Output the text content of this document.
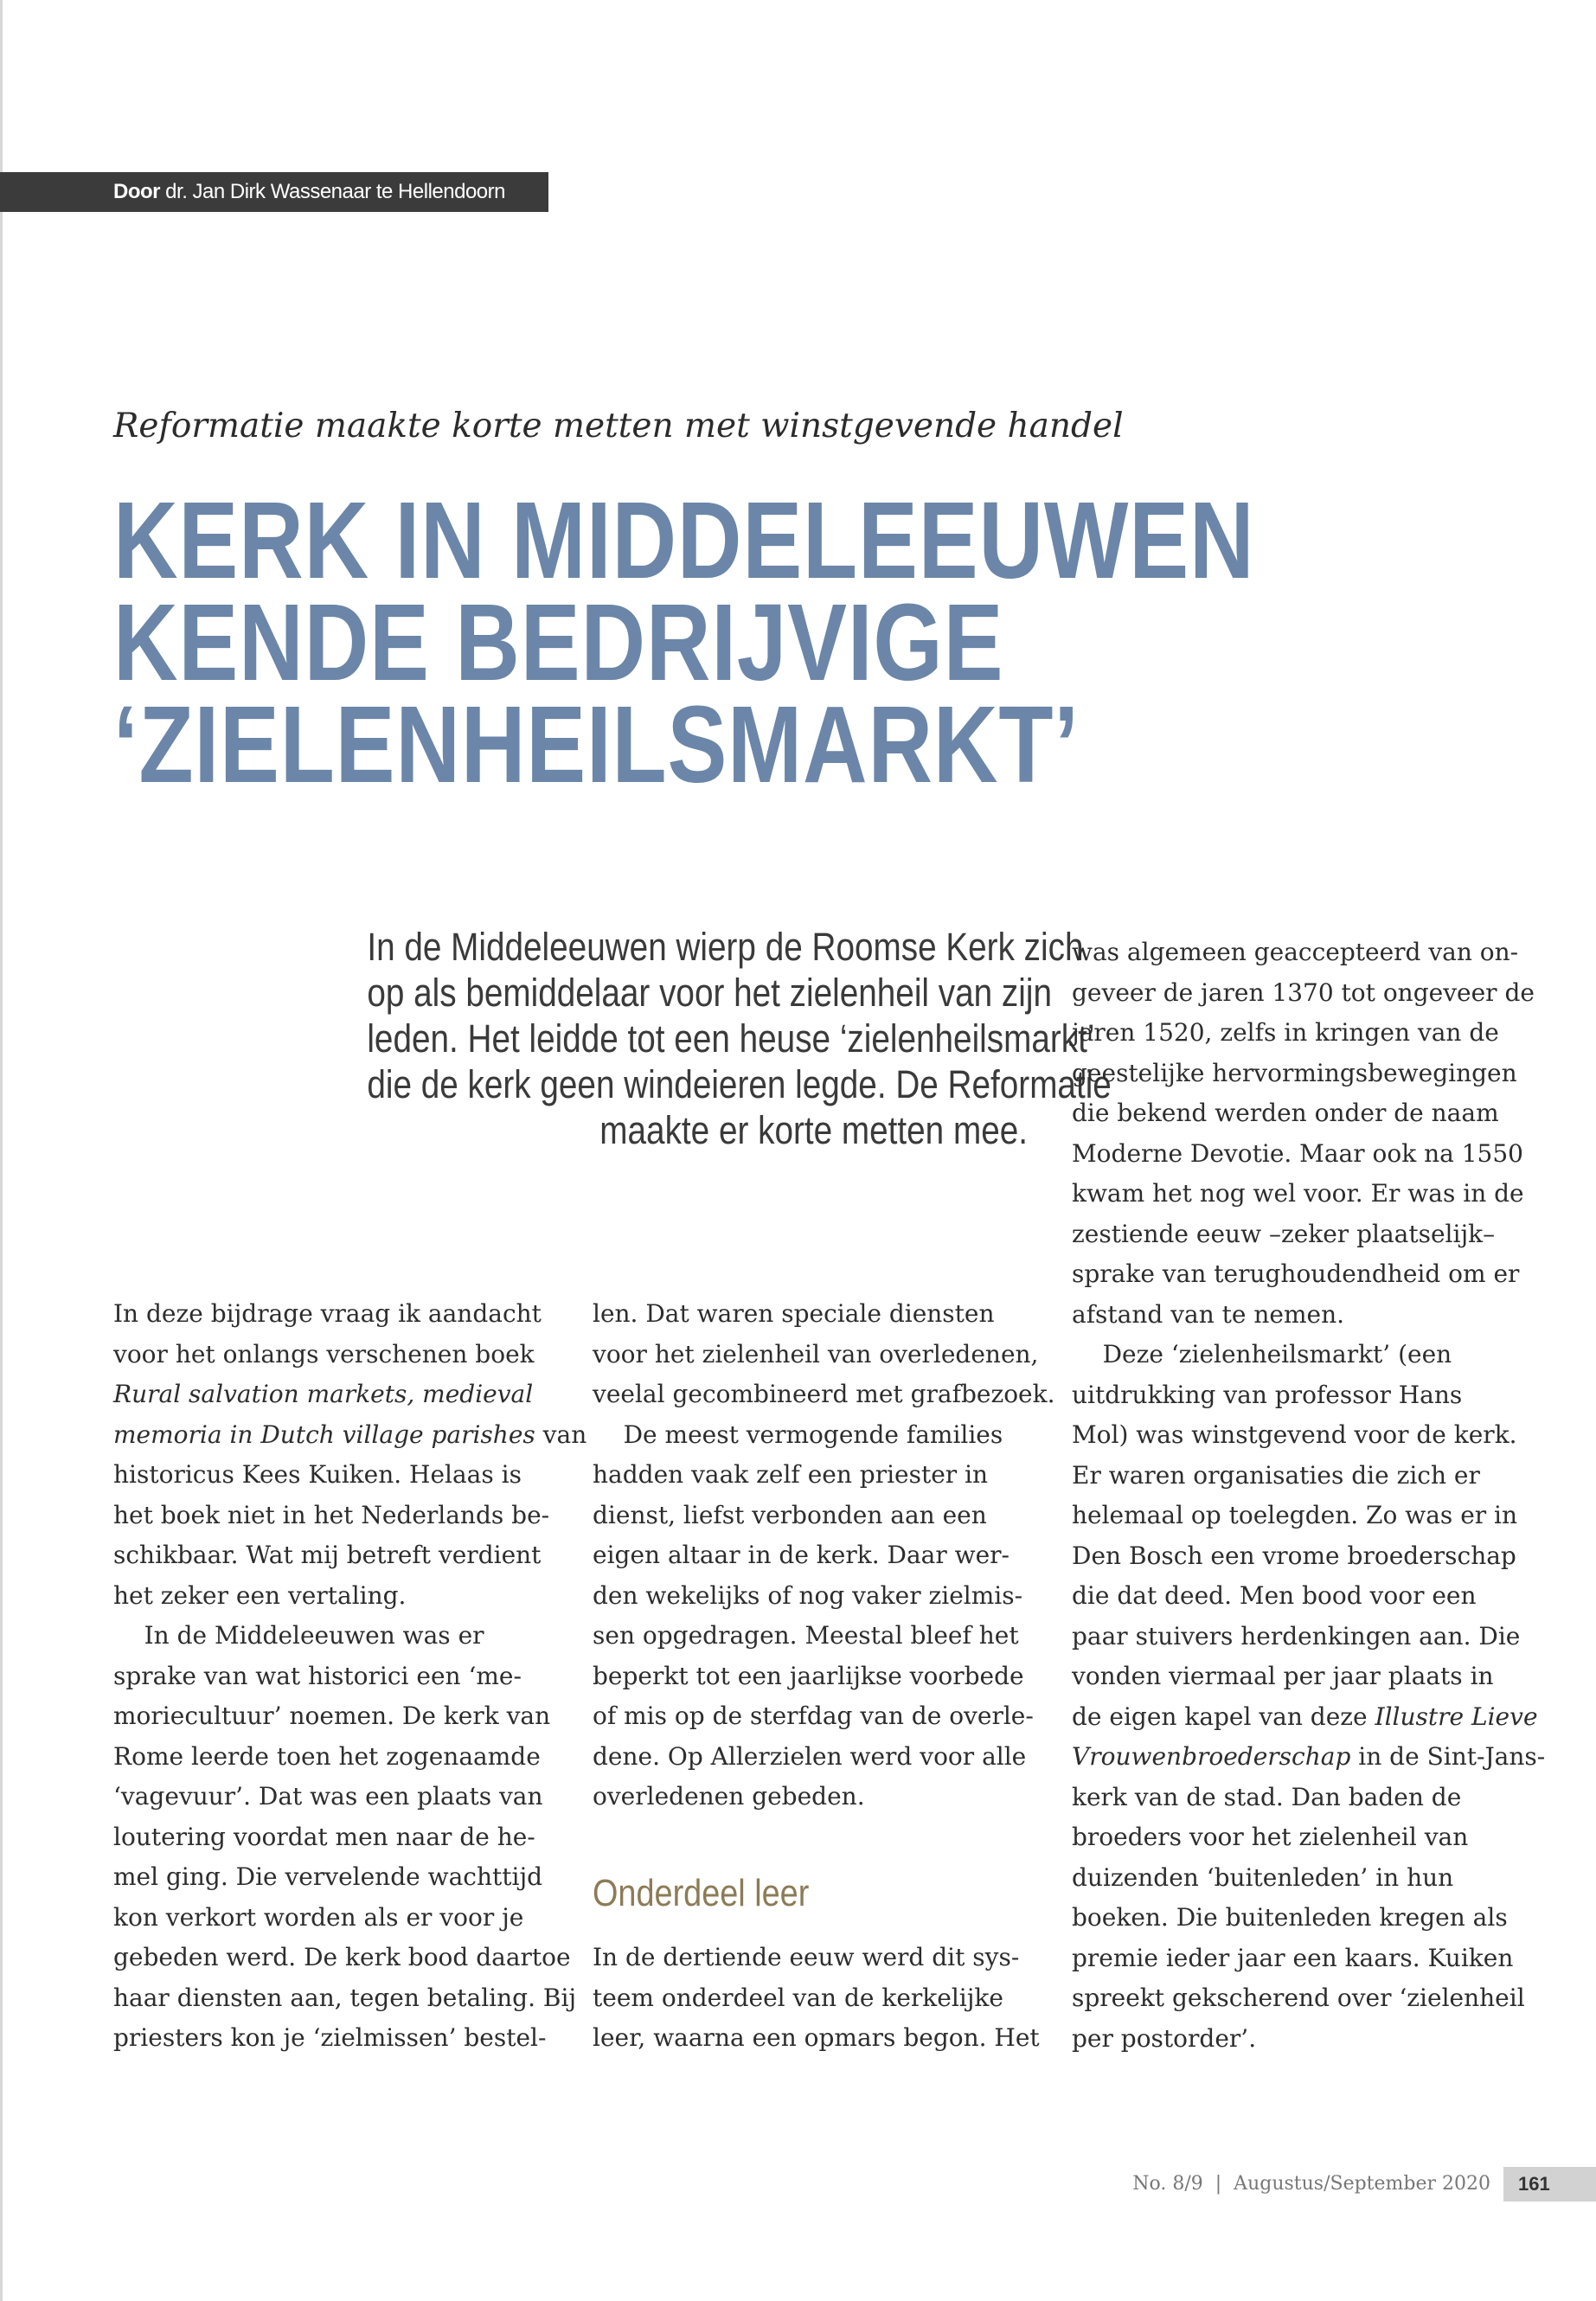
Door dr. Jan Dirk Wassenaar te Hellendoorn
Reformatie maakte korte metten met winstgevende handel
KERK IN MIDDELEEUWEN
KENDE BEDRIJVIGE
‘ZIELENHEILSMARKT’
In de Middeleeuwen wierp de Roomse Kerk zich
op als bemiddelaar voor het zielenheil van zijn
leden. Het leidde tot een heuse ‘zielenheilsmarkt’
die de kerk geen windeieren legde. De Reformatie
maakte er korte metten mee.
In deze bijdrage vraag ik aandacht
voor het onlangs verschenen boek
Rural salvation markets, medieval
memoria in Dutch village parishes van
historicus Kees Kuiken. Helaas is
het boek niet in het Nederlands be-
schikbaar. Wat mij betreft verdient
het zeker een vertaling.
In de Middeleeuwen was er
sprake van wat historici een ‘me-
moriecultuur’ noemen. De kerk van
Rome leerde toen het zogenaamde
‘vagevuur’. Dat was een plaats van
loutering voordat men naar de he-
mel ging. Die vervelende wachttijd
kon verkort worden als er voor je
gebeden werd. De kerk bood daartoe
haar diensten aan, tegen betaling. Bij
priesters kon je ‘zielmissen’ bestel-
len. Dat waren speciale diensten
voor het zielenheil van overledenen,
veelal gecombineerd met grafbezoek.
De meest vermogende families
hadden vaak zelf een priester in
dienst, liefst verbonden aan een
eigen altaar in de kerk. Daar wer-
den wekelijks of nog vaker zielmis-
sen opgedragen. Meestal bleef het
beperkt tot een jaarlijkse voorbede
of mis op de sterfdag van de overle-
dene. Op Allerzielen werd voor alle
overledenen gebeden.
Onderdeel leer
In de dertiende eeuw werd dit sys-
teem onderdeel van de kerkelijke
leer, waarna een opmars begon. Het
was algemeen geaccepteerd van on-
geveer de jaren 1370 tot ongeveer de
jaren 1520, zelfs in kringen van de
geestelijke hervormingsbewegingen
die bekend werden onder de naam
Moderne Devotie. Maar ook na 1550
kwam het nog wel voor. Er was in de
zestiende eeuw –zeker plaatselijk–
sprake van terughoudendheid om er
afstand van te nemen.
Deze ‘zielenheilsmarkt’ (een
uitdrukking van professor Hans
Mol) was winstgevend voor de kerk.
Er waren organisaties die zich er
helemaal op toelegden. Zo was er in
Den Bosch een vrome broederschap
die dat deed. Men bood voor een
paar stuivers herdenkingen aan. Die
vonden viermaal per jaar plaats in
de eigen kapel van deze Illustre Lieve
Vrouwenbroederschap in de Sint-Jans-
kerk van de stad. Dan baden de
broeders voor het zielenheil van
duizenden ‘buitenleden’ in hun
boeken. Die buitenleden kregen als
premie ieder jaar een kaars. Kuiken
spreekt gekscherend over ‘zielenheil
per postorder’.
No. 8/9  |  Augustus/September 2020	161
